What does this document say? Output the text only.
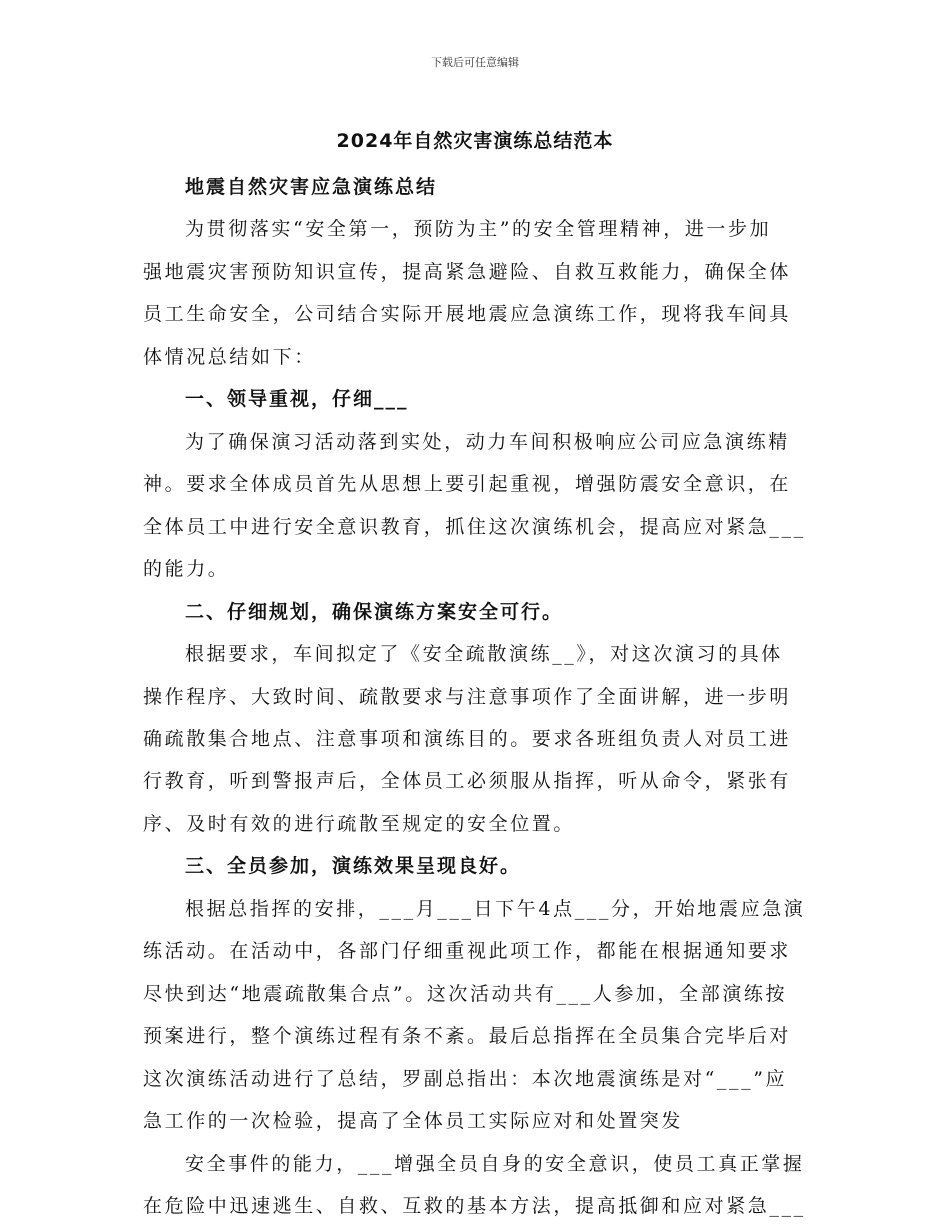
下载后可任意编辑
2024年自然灾害演练总结范本
地震自然灾害应急演练总结
为贯彻落实“安全第一，预防为主”的安全管理精神，进一步加
强地震灾害预防知识宣传，提高紧急避险、自救互救能力，确保全体
员工生命安全，公司结合实际开展地震应急演练工作，现将我车间具
体情况总结如下：
一、领导重视，仔细___
为了确保演习活动落到实处，动力车间积极响应公司应急演练精
神。要求全体成员首先从思想上要引起重视，增强防震安全意识，在
全体员工中进行安全意识教育，抓住这次演练机会，提高应对紧急___
的能力。
二、仔细规划，确保演练方案安全可行。
根据要求，车间拟定了《安全疏散演练__》，对这次演习的具体
操作程序、大致时间、疏散要求与注意事项作了全面讲解，进一步明
确疏散集合地点、注意事项和演练目的。要求各班组负责人对员工进
行教育，听到警报声后，全体员工必须服从指挥，听从命令，紧张有
序、及时有效的进行疏散至规定的安全位置。
三、全员参加，演练效果呈现良好。
根据总指挥的安排，___月___日下午4点___分，开始地震应急演
练活动。在活动中，各部门仔细重视此项工作，都能在根据通知要求
尽快到达“地震疏散集合点”。这次活动共有___人参加，全部演练按
预案进行，整个演练过程有条不紊。最后总指挥在全员集合完毕后对
这次演练活动进行了总结，罗副总指出：本次地震演练是对“___”应
急工作的一次检验，提高了全体员工实际应对和处置突发
安全事件的能力，___增强全员自身的安全意识，使员工真正掌握
在危险中迅速逃生、自救、互救的基本方法，提高抵御和应对紧急___
